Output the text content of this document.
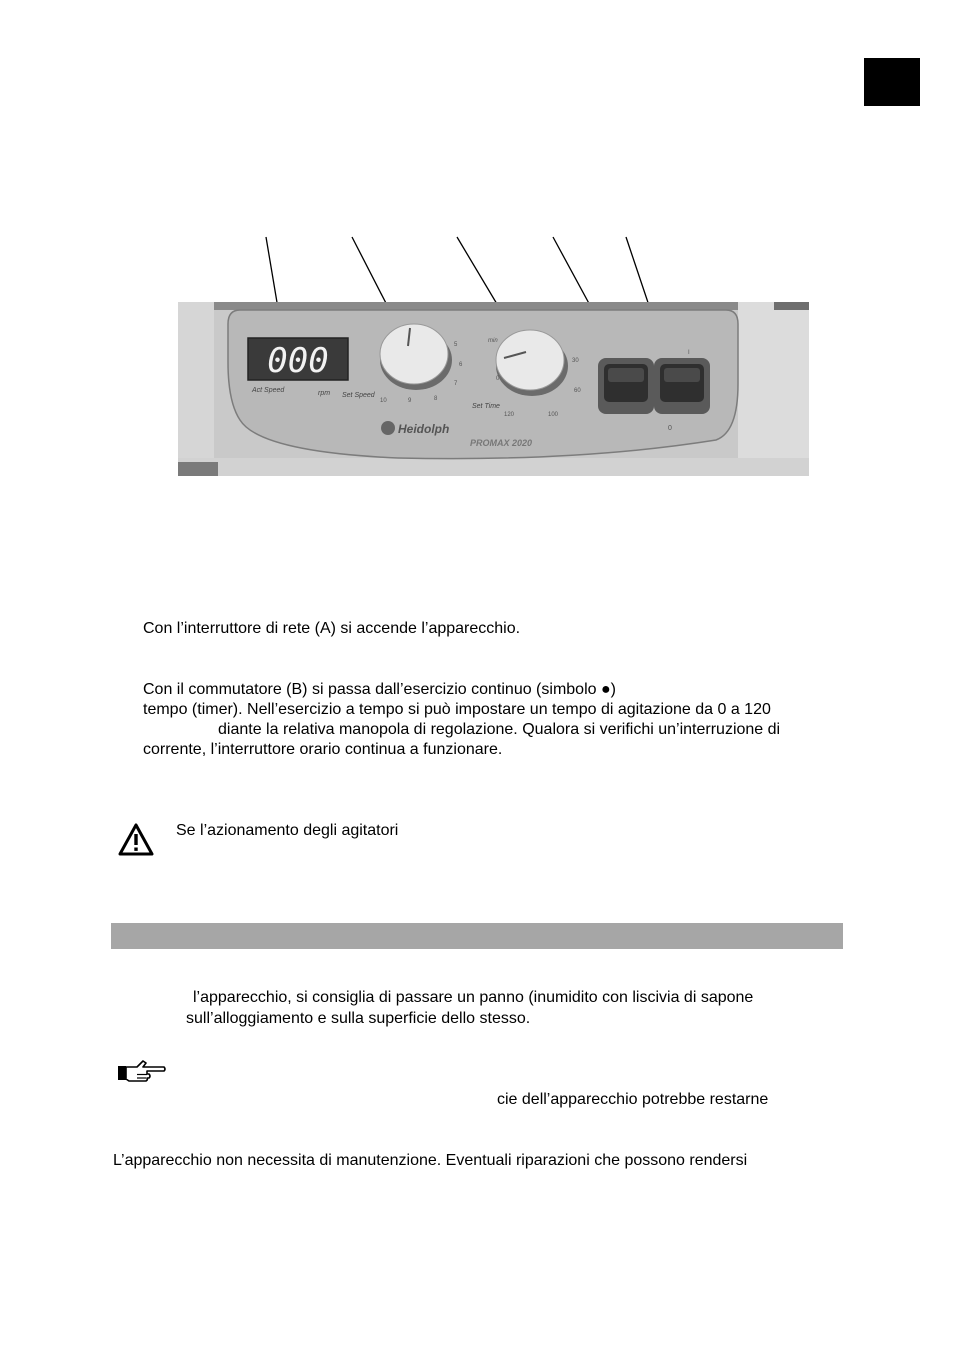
000
Act Speed	rpm
5
6
7
8
9
10
Set Speed
min
0
30
60
100
120
Set Time
I
0
Heidolph
PROMAX 2020
Con l’interruttore di rete (A) si accende l’apparecchio.
Con il commutatore (B) si passa dall’esercizio continuo (simbolo ●)
tempo (timer). Nell’esercizio a tempo si può impostare un tempo di agitazione da 0 a 120
diante la relativa manopola di regolazione. Qualora si verifichi un’interruzione di
corrente, l’interruttore orario continua a funzionare.
Se l’azionamento degli agitatori
l’apparecchio, si consiglia di passare un panno (inumidito con liscivia di sapone
sull’alloggiamento e sulla superficie dello stesso.
cie dell’apparecchio potrebbe restarne
L’apparecchio non necessita di manutenzione. Eventuali riparazioni che possono rendersi
